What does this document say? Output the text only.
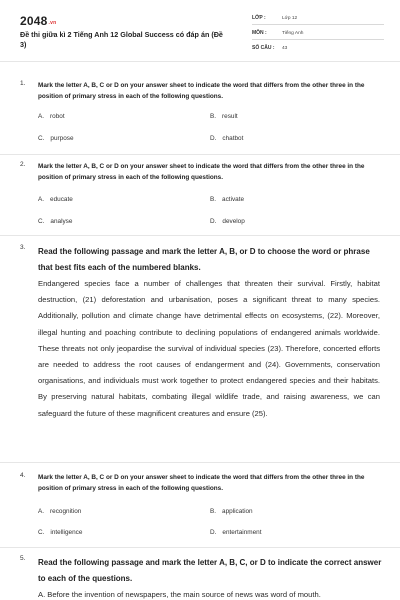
2048.vn
Đề thi giữa kì 2 Tiếng Anh 12 Global Success có đáp án (Đề 3)
LỚP :	Lớp 12
MÔN :	Tiếng Anh
SỐ CÂU : 43
1. Mark the letter A, B, C or D on your answer sheet to indicate the word that differs from the other three in the position of primary stress in each of the following questions.
A. robot	B. result
C. purpose	D. chatbot
2. Mark the letter A, B, C or D on your answer sheet to indicate the word that differs from the other three in the position of primary stress in each of the following questions.
A. educate	B. activate
C. analyse	D. develop
3. Read the following passage and mark the letter A, B, or D to choose the word or phrase that best fits each of the numbered blanks.
Endangered species face a number of challenges that threaten their survival. Firstly, habitat destruction, (21) deforestation and urbanisation, poses a significant threat to many species. Additionally, pollution and climate change have detrimental effects on ecosystems, (22). Moreover, illegal hunting and poaching contribute to declining populations of endangered animals worldwide. These threats not only jeopardise the survival of individual species (23). Therefore, concerted efforts are needed to address the root causes of endangerment and (24). Governments, conservation organisations, and individuals must work together to protect endangered species and their habitats. By preserving natural habitats, combating illegal wildlife trade, and raising awareness, we can safeguard the future of these magnificent creatures and ensure (25).
4. Mark the letter A, B, C or D on your answer sheet to indicate the word that differs from the other three in the position of primary stress in each of the following questions.
A. recognition	B. application
C. intelligence	D. entertainment
5. Read the following passage and mark the letter A, B, C, or D to indicate the correct answer to each of the questions.
A. Before the invention of newspapers, the main source of news was word of mouth.
